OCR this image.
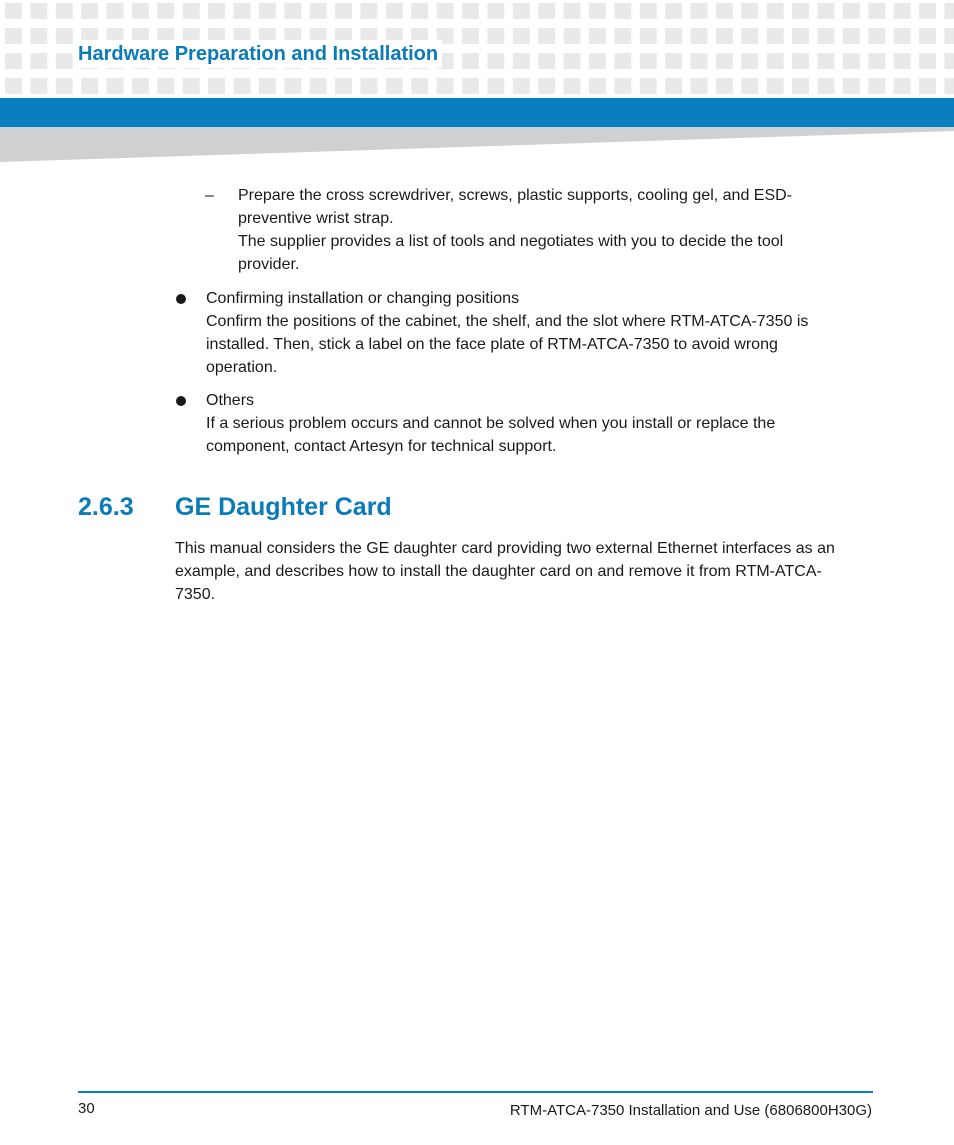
Hardware Preparation and Installation
– Prepare the cross screwdriver, screws, plastic supports, cooling gel, and ESD-
preventive wrist strap.
The supplier provides a list of tools and negotiates with you to decide the tool
provider.
Confirming installation or changing positions
Confirm the positions of the cabinet, the shelf, and the slot where RTM-ATCA-7350 is
installed. Then, stick a label on the face plate of RTM-ATCA-7350 to avoid wrong
operation.
Others
If a serious problem occurs and cannot be solved when you install or replace the
component, contact Artesyn for technical support.
2.6.3 GE Daughter Card
This manual considers the GE daughter card providing two external Ethernet interfaces as an
example, and describes how to install the daughter card on and remove it from RTM-ATCA-
7350.
30	RTM-ATCA-7350 Installation and Use (6806800H30G)
